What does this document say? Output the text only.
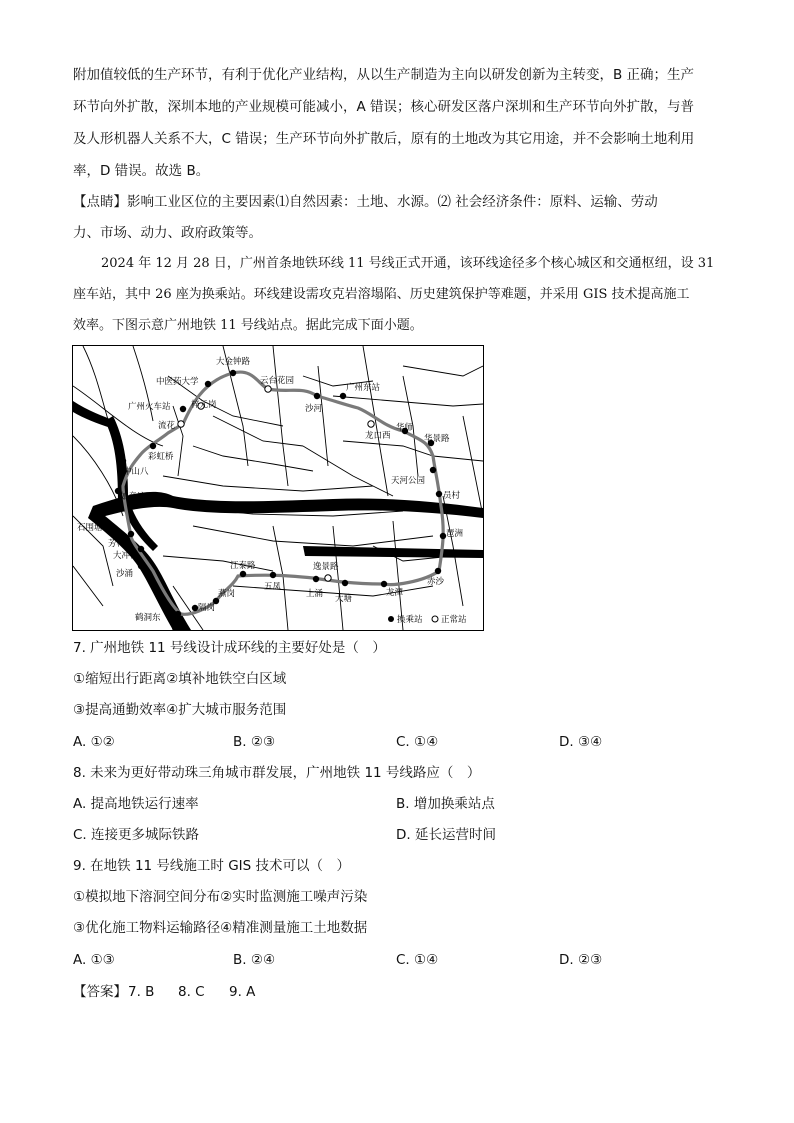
附加值较低的生产环节，有利于优化产业结构，从以生产制造为主向以研发创新为主转变，B 正确；生产
环节向外扩散，深圳本地的产业规模可能减小，A 错误；核心研发区落户深圳和生产环节向外扩散，与普
及人形机器人关系不大，C 错误；生产环节向外扩散后，原有的土地改为其它用途，并不会影响土地利用
率，D 错误。故选 B。
【点睛】影响工业区位的主要因素⑴自然因素：土地、水源。⑵ 社会经济条件：原料、运输、劳动
力、市场、动力、政府政策等。
2024 年 12 月 28 日，广州首条地铁环线 11 号线正式开通，该环线途径多个核心城区和交通枢纽，设 31
座车站，其中 26 座为换乘站。环线建设需攻克岩溶塌陷、历史建筑保护等难题，并采用 GIS 技术提高施工
效率。下图示意广州地铁 11 号线站点。据此完成下面小题。
大金钟路
中医药大学	云台花园
广州东站
广州火车站 梓元岗	沙河
龙口西
流花	华师
华景路
彩虹桥
中山八
天河公园
员村
如意坊
石围塘
琶洲
芳村
大冲口
江泰路	逸景路
沙涌
五凤
上涌 大塘
龙潭
赤沙
燕岗
隔岗
鹤洞东	换乘站 正常站
7. 广州地铁 11 号线设计成环线的主要好处是（　）
①缩短出行距离②填补地铁空白区域
③提高通勤效率④扩大城市服务范围
A. ①②	B. ②③	C. ①④	D. ③④
8. 未来为更好带动珠三角城市群发展，广州地铁 11 号线路应（　）
A. 提高地铁运行速率	B. 增加换乘站点
C. 连接更多城际铁路	D. 延长运营时间
9. 在地铁 11 号线施工时 GIS 技术可以（　）
①模拟地下溶洞空间分布②实时监测施工噪声污染
③优化施工物料运输路径④精准测量施工土地数据
A. ①③	B. ②④	C. ①④	D. ②③
【答案】 7. B 8. C 9. A
